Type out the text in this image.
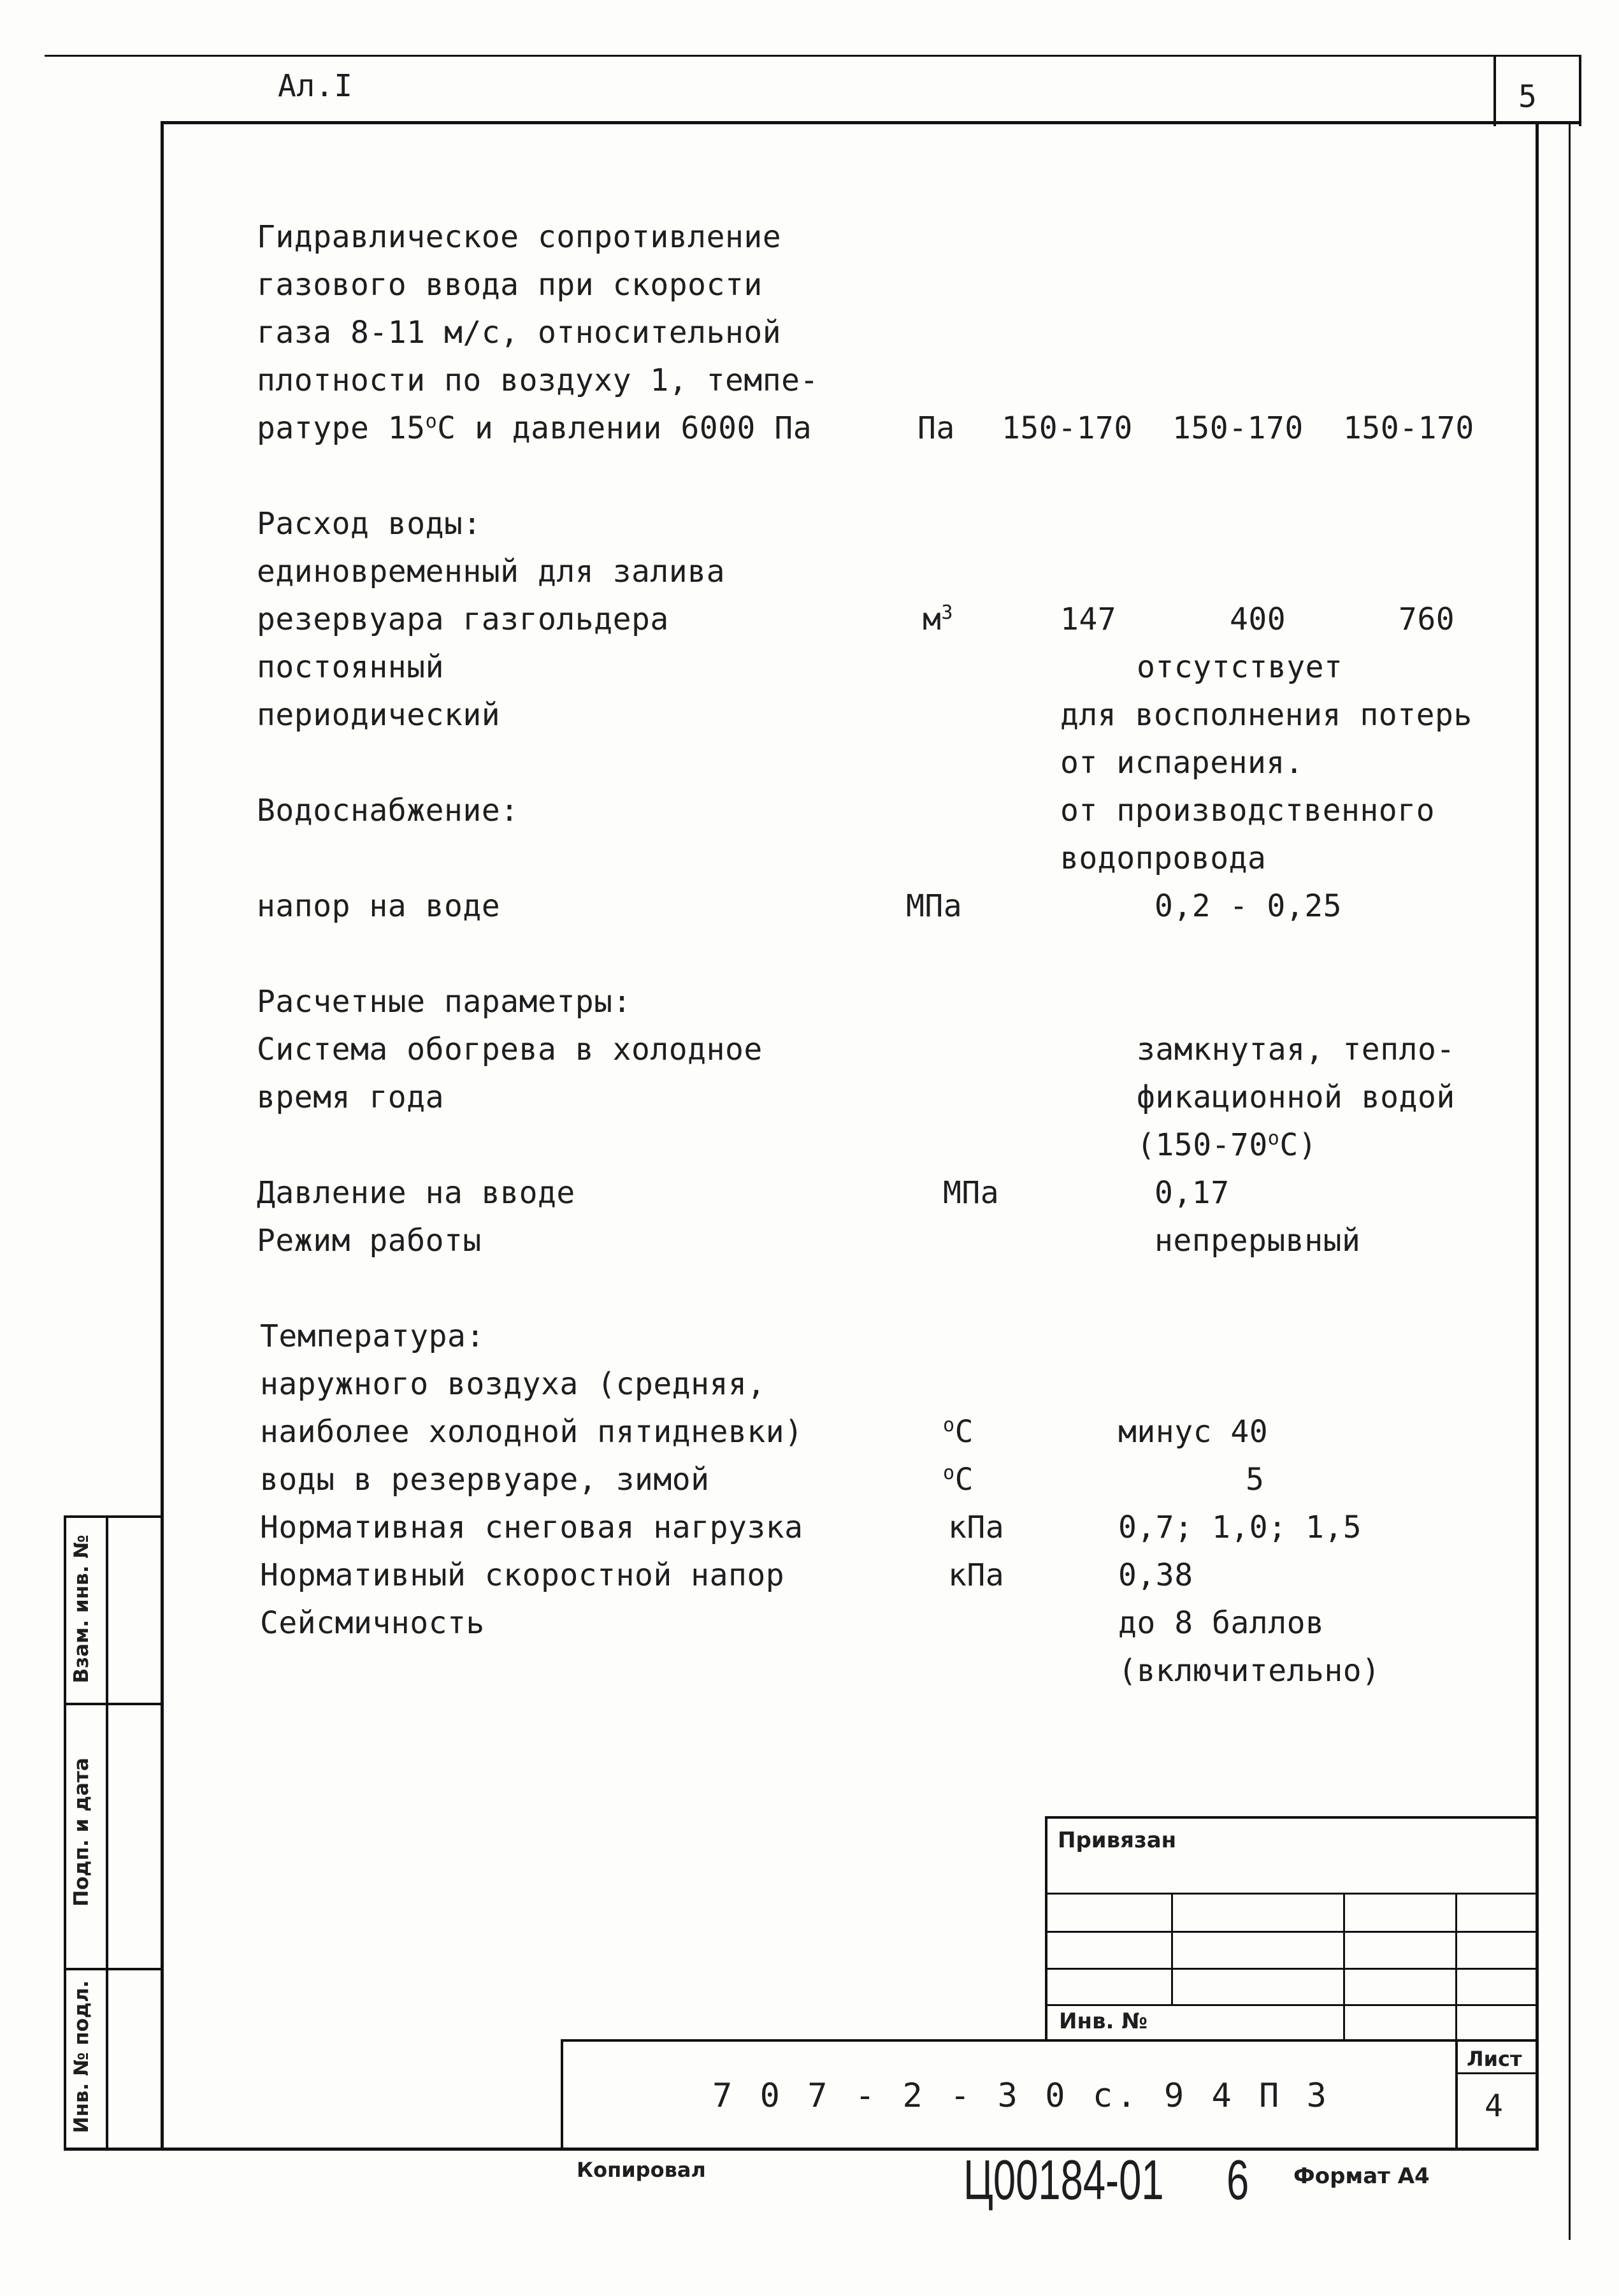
Ал.I	5
Гидравлическое сопротивление
газового ввода при скорости
газа 8-11 м/с, относительной
плотности по воздуху 1, темпе-
ратуре 15$^o$С и давлении 6000 Па	Па 150-170 150-170 150-170
Расход воды:
единовременный для залива
резервуара газгольдера	$м^3$	147	400	760
постоянный	отсутствует
периодический	для восполнения потерь
от испарения.
Водоснабжение:	от производственного
водопровода
напор на воде	МПа	0,2 - 0,25
Расчетные параметры:
Система обогрева в холодное	замкнутая, тепло-
время года	фикационной водой
(150-70$^o$С)
Давление на вводе	МПа	0,17
Режим работы	непрерывный
Температура:
наружного воздуха (средняя,
наиболее холодной пятидневки)	$^o$С	минус 40
воды в резервуаре, зимой	$^o$С	5
Нормативная снеговая нагрузка	кПа	0,7; 1,0; 1,5
Нормативный скоростной напор	кПа	0,38
Сейсмичность	до 8 баллов
(включительно)
Взам. инв. №
Подп. и дата
Инв. № подл.
Привязан
Инв. №
7 0 7 - 2 - 3 0 с. 9 4 П 3
Лист
4
Копировал	Ц00184-01 6 Формат А4
